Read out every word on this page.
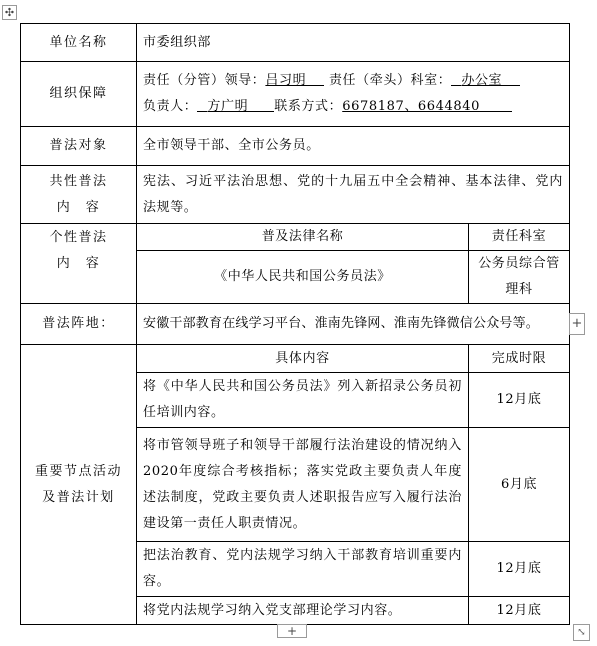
✣
单位名称	市委组织部	
组织保障	责任（分管）领导：吕习明 责任（牵头）科室： 办公室
负责人： 方广明 联系方式：6678187、6644840	

普法对象	全市领导干部、全市公务员。	

共性普法
内　容	宪法、习近平法治思想、党的十九届五中全会精神、基本法律、党内法规等。	

个性普法
内　容	普及法律名称	责任科室
	《中华人民共和国公务员法》	公务员综合管理科
普法阵地：	安徽干部教育在线学习平台、淮南先锋网、淮南先锋微信公众号等。	

重要节点活动及普法计划	具体内容	完成时限
	将《中华人民共和国公务员法》列入新招录公务员初任培训内容。	12月底
	将市管领导班子和领导干部履行法治建设的情况纳入2020年度综合考核指标；落实党政主要负责人年度述法制度，党政主要负责人述职报告应写入履行法治建设第一责任人职责情况。	6月底
	把法治教育、党内法规学习纳入干部教育培训重要内容。	12月底
	将党内法规学习纳入党支部理论学习内容。	12月底
+
+	⤡
